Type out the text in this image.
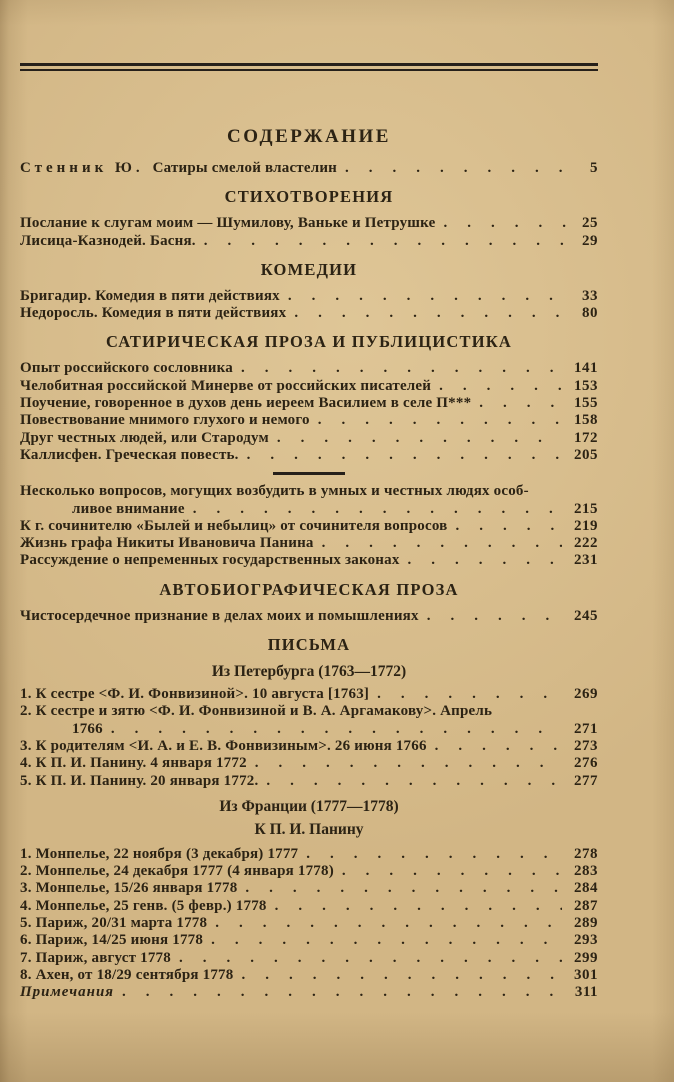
СОДЕРЖАНИЕ
Стенник Ю. Сатиры смелой властелин .....	5
СТИХОТВОРЕНИЯ
Послание к слугам моим — Шумилову, Ваньке и Петрушке .....	25
Лисица-Казнодей. Басня. .....	29
КОМЕДИИ
Бригадир. Комедия в пяти действиях .....	33
Недоросль. Комедия в пяти действиях .....	80
САТИРИЧЕСКАЯ ПРОЗА И ПУБЛИЦИСТИКА
Опыт российского сословника .....	141
Челобитная российской Минерве от российских писателей .....	153
Поучение, говоренное в духов день иереем Василием в селе П*** .....	155
Повествование мнимого глухого и немого .....	158
Друг честных людей, или Стародум .....	172
Каллисфен. Греческая повесть. .....	205
Несколько вопросов, могущих возбудить в умных и честных людях особ-
ливое внимание .....	215
К г. сочинителю «Былей и небылиц» от сочинителя вопросов .....	219
Жизнь графа Никиты Ивановича Панина .....	222
Рассуждение о непременных государственных законах .....	231
АВТОБИОГРАФИЧЕСКАЯ ПРОЗА
Чистосердечное признание в делах моих и помышлениях .....	245
ПИСЬМА
Из Петербурга (1763—1772)
1. К сестре <Ф. И. Фонвизиной>. 10 августа [1763] .....	269
2. К сестре и зятю <Ф. И. Фонвизиной и В. А. Аргамакову>. Апрель
1766 .....	271
3. К родителям <И. А. и Е. В. Фонвизиным>. 26 июня 1766 .....	273
4. К П. И. Панину. 4 января 1772 .....	276
5. К П. И. Панину. 20 января 1772. .....	277
Из Франции (1777—1778)
К П. И. Панину
1. Монпелье, 22 ноября (3 декабря) 1777 .....	278
2. Монпелье, 24 декабря 1777 (4 января 1778) .....	283
3. Монпелье, 15/26 января 1778 .....	284
4. Монпелье, 25 генв. (5 февр.) 1778 .....	287
5. Париж, 20/31 марта 1778 .....	289
6. Париж, 14/25 июня 1778 .....	293
7. Париж, август 1778 .....	299
8. Ахен, от 18/29 сентября 1778 .....	301
Примечания .....	311
